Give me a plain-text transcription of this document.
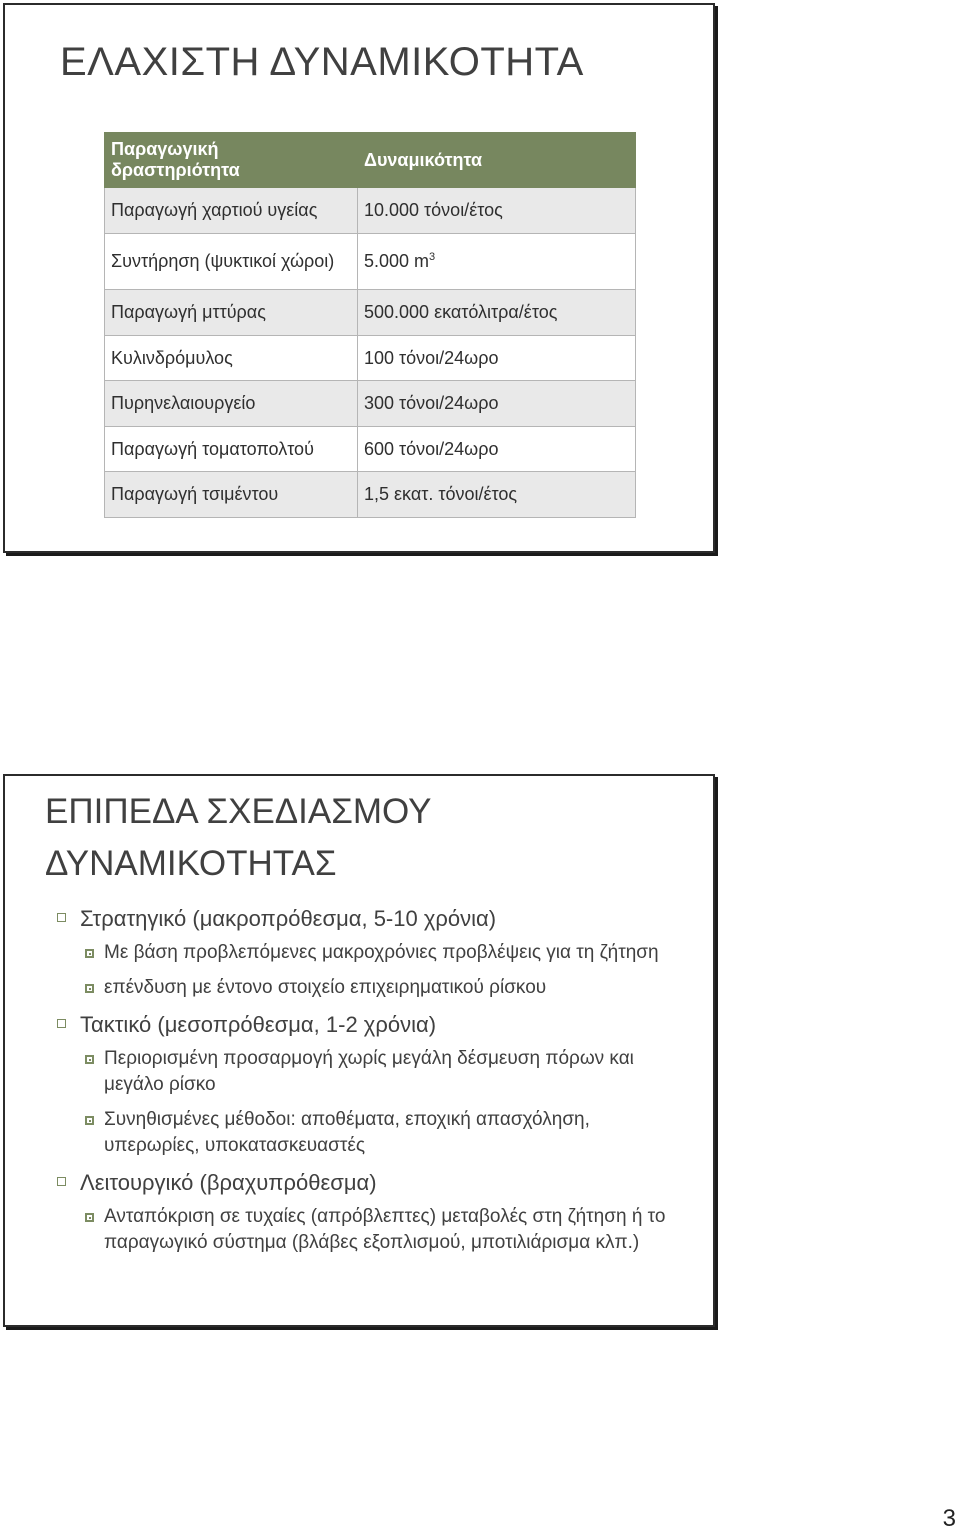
ΕΛΑΧΙΣΤΗ ΔΥΝΑΜΙΚΟΤΗΤΑ
Παραγωγική δραστηριότητα	Δυναμικότητα
Παραγωγή χαρτιού υγείας	10.000 τόνοι/έτος
Συντήρηση (ψυκτικοί χώροι)	5.000 $m^3$
Παραγωγή μττύρας	500.000 εκατόλιτρα/έτος
Κυλινδρόμυλος	100 τόνοι/24ωρο
Πυρηνελαιουργείο	300 τόνοι/24ωρο
Παραγωγή τοματοπολτού	600 τόνοι/24ωρο
Παραγωγή τσιμέντου	1,5 εκατ. τόνοι/έτος
ΕΠΙΠΕΔΑ ΣΧΕΔΙΑΣΜΟΥ ΔΥΝΑΜΙΚΟΤΗΤΑΣ
Στρατηγικό (μακροπρόθεσμα, 5-10 χρόνια)
Με βάση προβλεπόμενες μακροχρόνιες προβλέψεις για τη ζήτηση
επένδυση με έντονο στοιχείο επιχειρηματικού ρίσκου
Τακτικό (μεσοπρόθεσμα, 1-2 χρόνια)
Περιορισμένη προσαρμογή χωρίς μεγάλη δέσμευση πόρων και μεγάλο ρίσκο
Συνηθισμένες μέθοδοι: αποθέματα, εποχική απασχόληση, υπερωρίες, υποκατασκευαστές
Λειτουργικό (βραχυπρόθεσμα)
Ανταπόκριση σε τυχαίες (απρόβλεπτες) μεταβολές στη ζήτηση ή το παραγωγικό σύστημα (βλάβες εξοπλισμού, μποτιλιάρισμα κλπ.)
3
